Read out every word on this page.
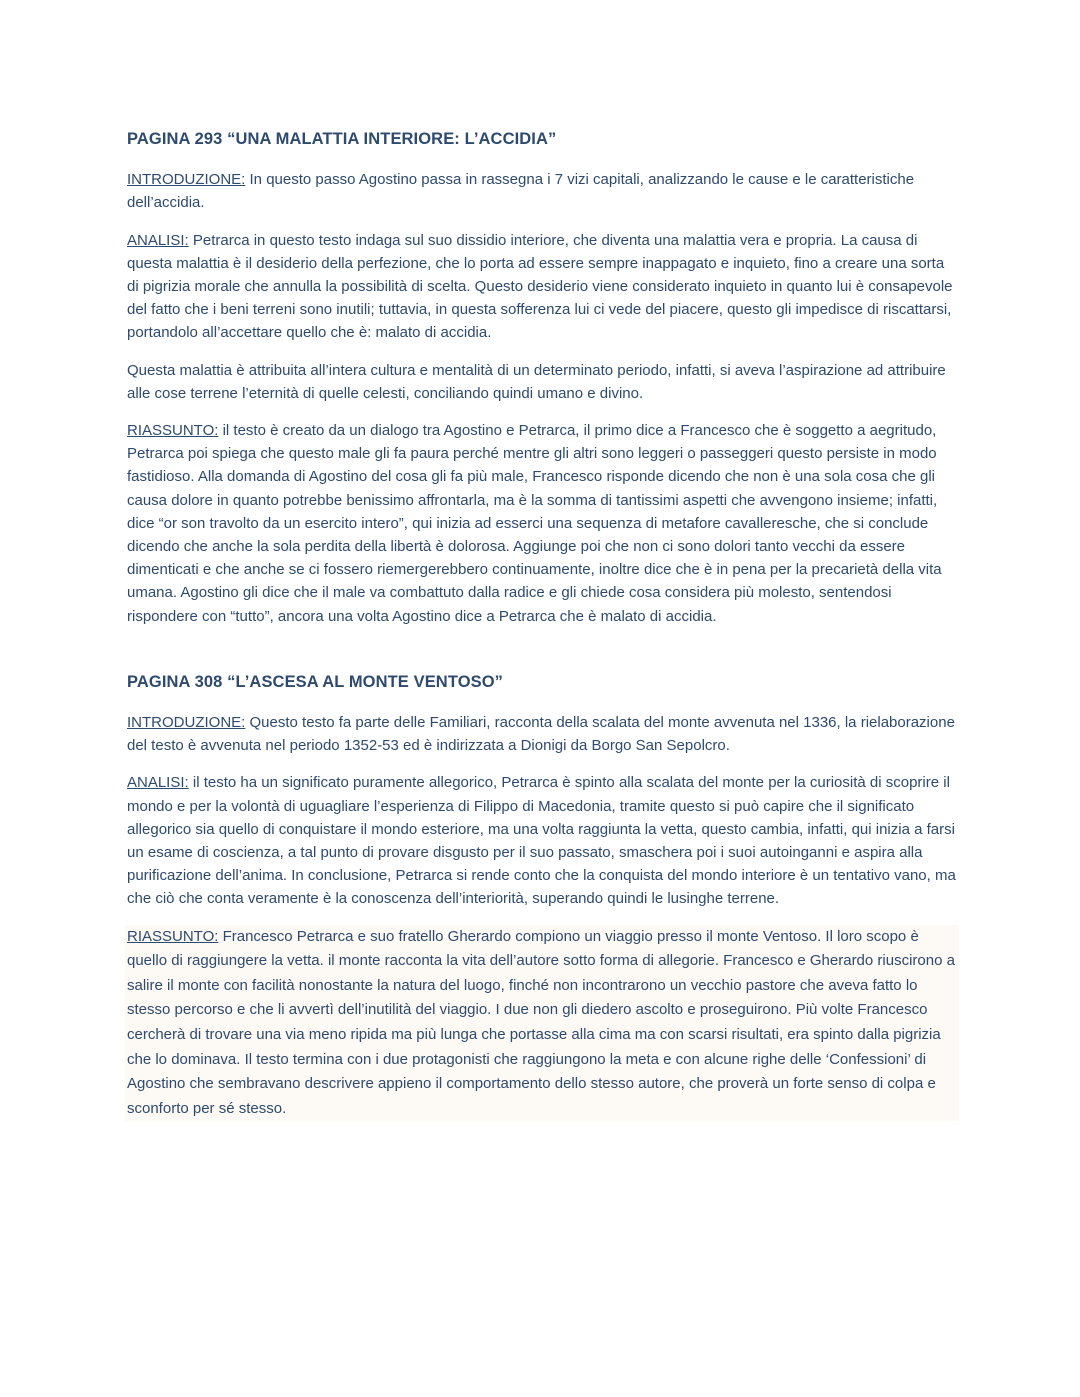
PAGINA 293 “UNA MALATTIA INTERIORE: L’ACCIDIA”

INTRODUZIONE: In questo passo Agostino passa in rassegna i 7 vizi capitali, analizzando le cause e le caratteristiche dell’accidia.

ANALISI: Petrarca in questo testo indaga sul suo dissidio interiore, che diventa una malattia vera e propria. La causa di questa malattia è il desiderio della perfezione, che lo porta ad essere sempre inappagato e inquieto, fino a creare una sorta di pigrizia morale che annulla la possibilità di scelta. Questo desiderio viene considerato inquieto in quanto lui è consapevole del fatto che i beni terreni sono inutili; tuttavia, in questa sofferenza lui ci vede del piacere, questo gli impedisce di riscattarsi, portandolo all’accettare quello che è: malato di accidia.

Questa malattia è attribuita all’intera cultura e mentalità di un determinato periodo, infatti, si aveva l’aspirazione ad attribuire alle cose terrene l’eternità di quelle celesti, conciliando quindi umano e divino.

RIASSUNTO: il testo è creato da un dialogo tra Agostino e Petrarca, il primo dice a Francesco che è soggetto a aegritudo, Petrarca poi spiega che questo male gli fa paura perché mentre gli altri sono leggeri o passeggeri questo persiste in modo fastidioso. Alla domanda di Agostino del cosa gli fa più male, Francesco risponde dicendo che non è una sola cosa che gli causa dolore in quanto potrebbe benissimo affrontarla, ma è la somma di tantissimi aspetti che avvengono insieme; infatti, dice “or son travolto da un esercito intero”, qui inizia ad esserci una sequenza di metafore cavalleresche, che si conclude dicendo che anche la sola perdita della libertà è dolorosa. Aggiunge poi che non ci sono dolori tanto vecchi da essere dimenticati e che anche se ci fossero riemergerebbero continuamente, inoltre dice che è in pena per la precarietà della vita umana. Agostino gli dice che il male va combattuto dalla radice e gli chiede cosa considera più molesto, sentendosi rispondere con “tutto”, ancora una volta Agostino dice a Petrarca che è malato di accidia.

PAGINA 308 “L’ASCESA AL MONTE VENTOSO”

INTRODUZIONE: Questo testo fa parte delle Familiari, racconta della scalata del monte avvenuta nel 1336, la rielaborazione del testo è avvenuta nel periodo 1352-53 ed è indirizzata a Dionigi da Borgo San Sepolcro.

ANALISI: il testo ha un significato puramente allegorico, Petrarca è spinto alla scalata del monte per la curiosità di scoprire il mondo e per la volontà di uguagliare l’esperienza di Filippo di Macedonia, tramite questo si può capire che il significato allegorico sia quello di conquistare il mondo esteriore, ma una volta raggiunta la vetta, questo cambia, infatti, qui inizia a farsi un esame di coscienza, a tal punto di provare disgusto per il suo passato, smaschera poi i suoi autoinganni e aspira alla purificazione dell’anima. In conclusione, Petrarca si rende conto che la conquista del mondo interiore è un tentativo vano, ma che ciò che conta veramente è la conoscenza dell’interiorità, superando quindi le lusinghe terrene.

RIASSUNTO: Francesco Petrarca e suo fratello Gherardo compiono un viaggio presso il monte Ventoso. Il loro scopo è quello di raggiungere la vetta. il monte racconta la vita dell’autore sotto forma di allegorie. Francesco e Gherardo riuscirono a salire il monte con facilità nonostante la natura del luogo, finché non incontrarono un vecchio pastore che aveva fatto lo stesso percorso e che li avvertì dell’inutilità del viaggio. I due non gli diedero ascolto e proseguirono. Più volte Francesco cercherà di trovare una via meno ripida ma più lunga che portasse alla cima ma con scarsi risultati, era spinto dalla pigrizia che lo dominava. Il testo termina con i due protagonisti che raggiungono la meta e con alcune righe delle ‘Confessioni’ di Agostino che sembravano descrivere appieno il comportamento dello stesso autore, che proverà un forte senso di colpa e sconforto per sé stesso.
